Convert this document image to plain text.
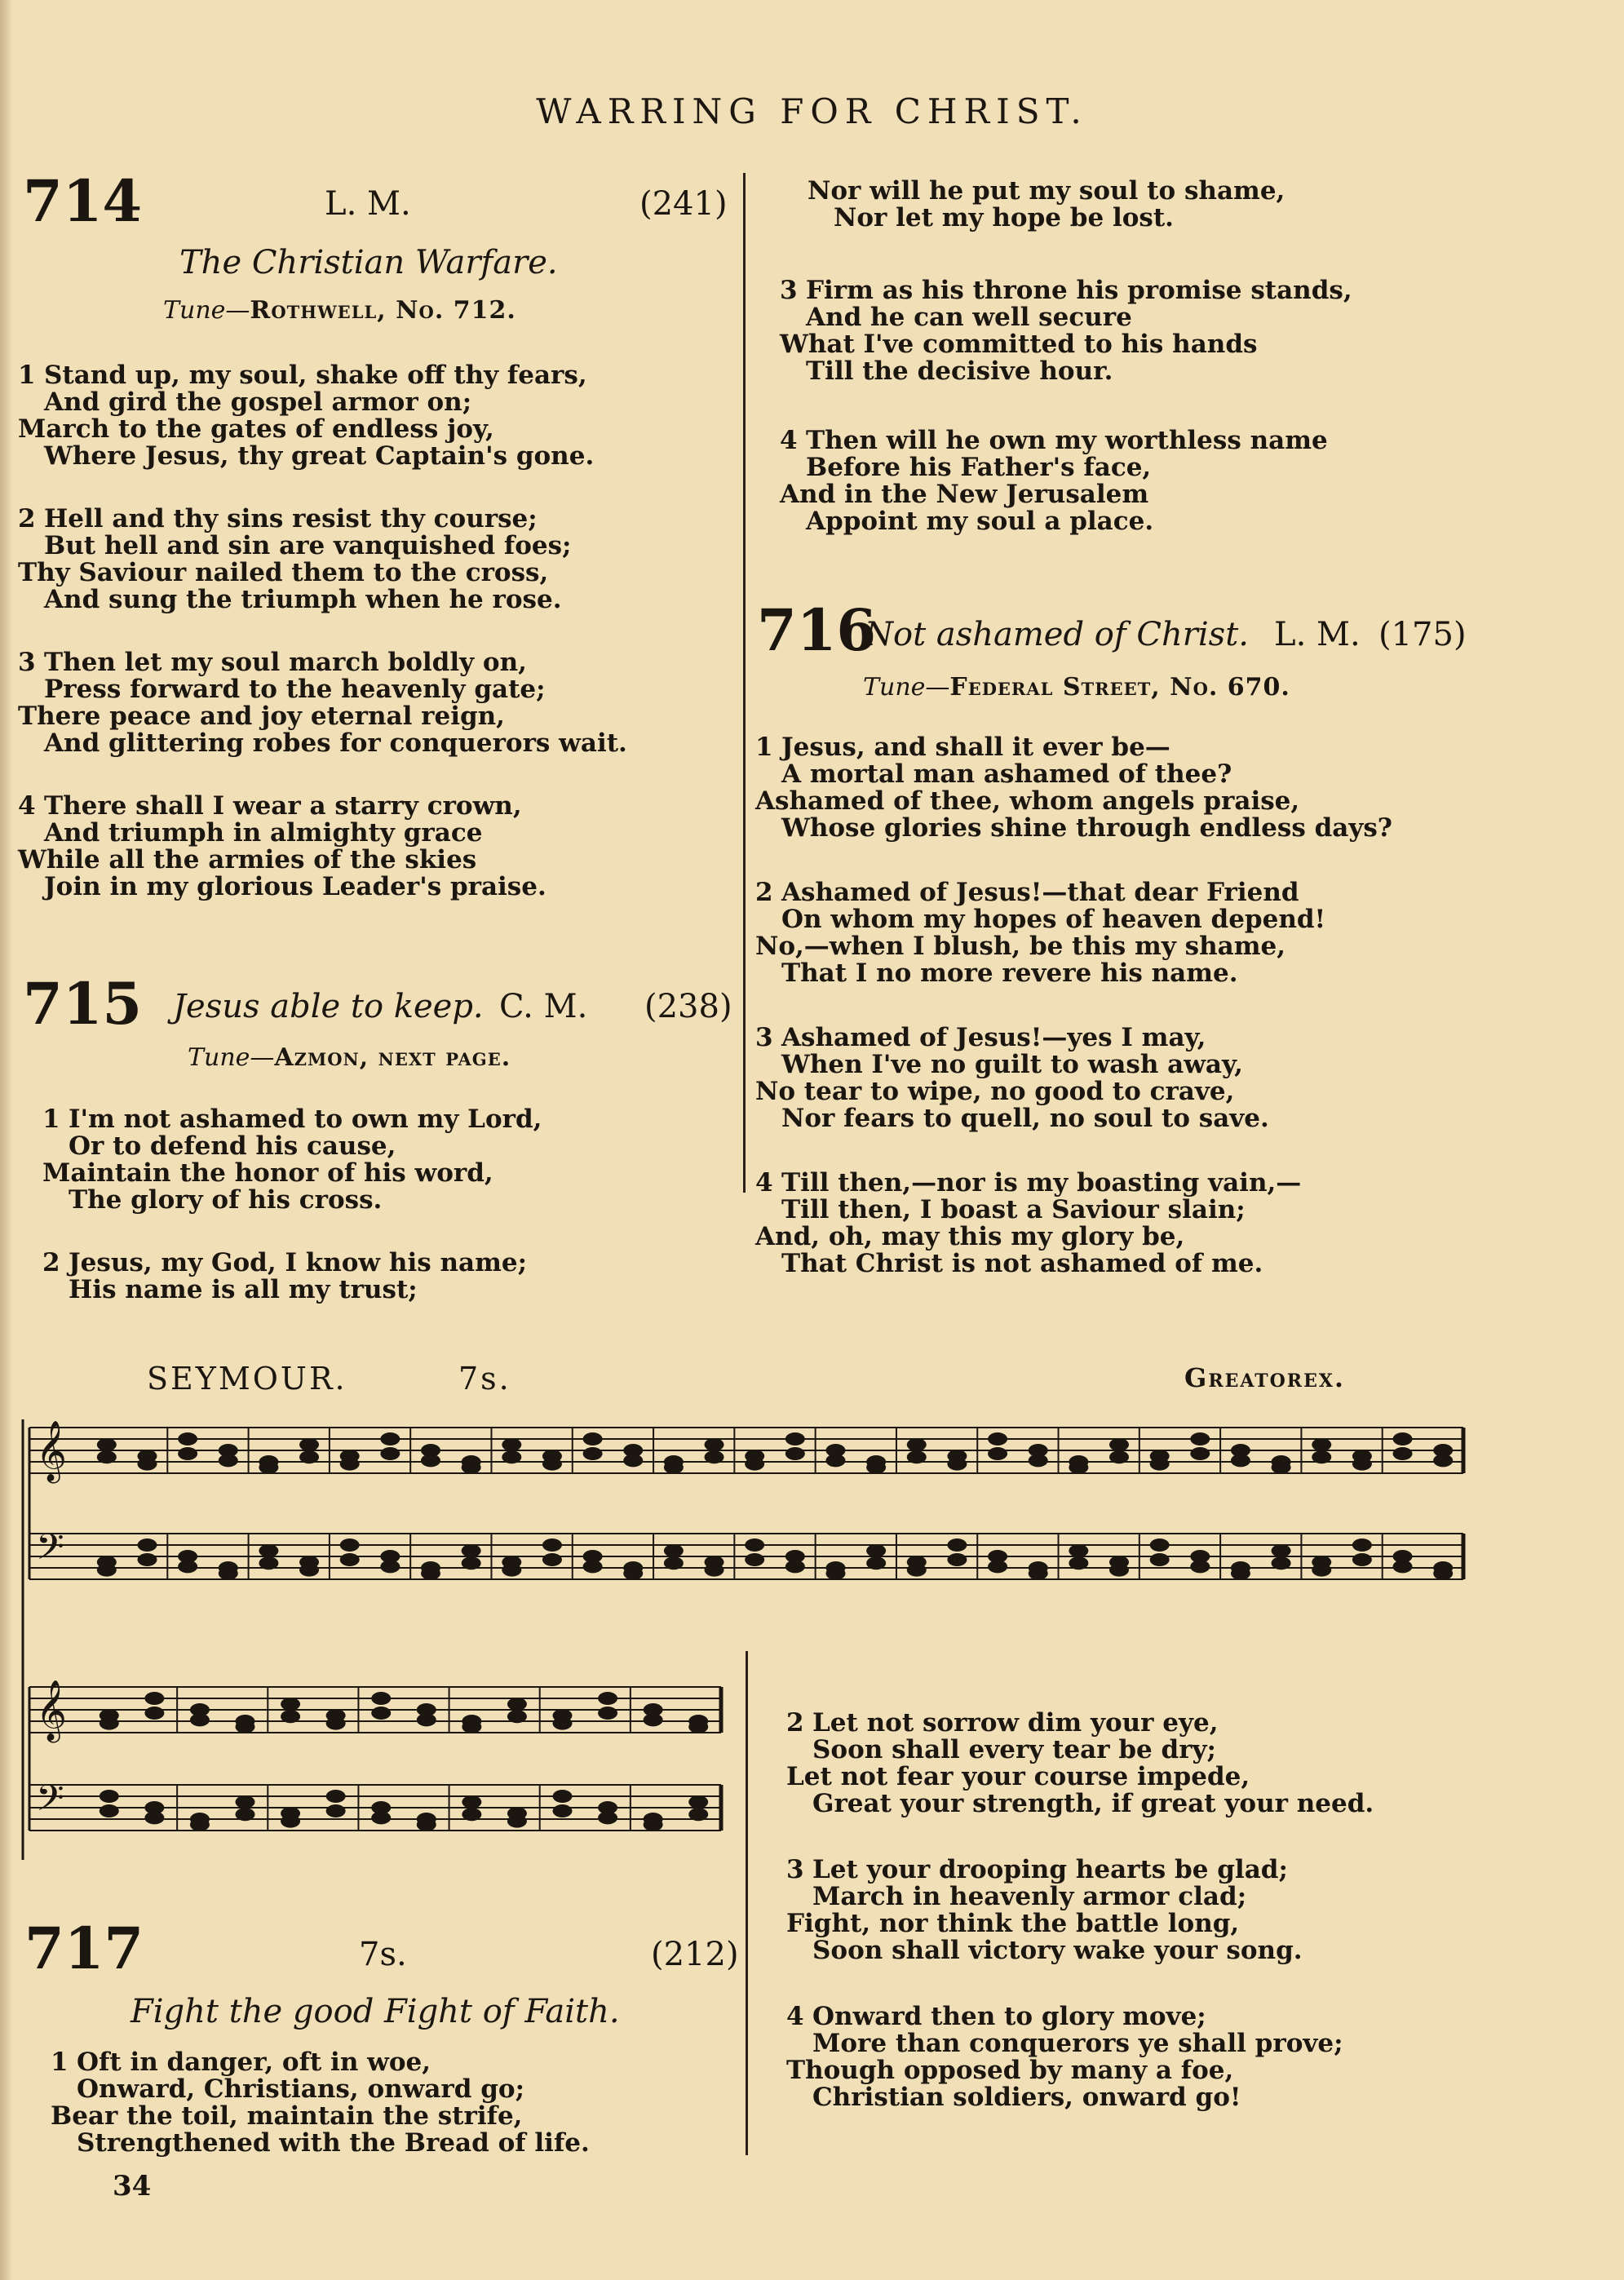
WARRING FOR CHRIST.
714	L. M.	(241)
The Christian Warfare.
Tune—Rothwell, No. 712.
1 Stand up, my soul, shake off thy fears,
And gird the gospel armor on;
March to the gates of endless joy,
Where Jesus, thy great Captain's gone.
2 Hell and thy sins resist thy course;
But hell and sin are vanquished foes;
Thy Saviour nailed them to the cross,
And sung the triumph when he rose.
3 Then let my soul march boldly on,
Press forward to the heavenly gate;
There peace and joy eternal reign,
And glittering robes for conquerors wait.
4 There shall I wear a starry crown,
And triumph in almighty grace
While all the armies of the skies
Join in my glorious Leader's praise.
715 Jesus able to keep. C. M. (238)
Tune—Azmon, next page.
1 I'm not ashamed to own my Lord,
Or to defend his cause,
Maintain the honor of his word,
The glory of his cross.
2 Jesus, my God, I know his name;
His name is all my trust;
Nor will he put my soul to shame,
Nor let my hope be lost.
3 Firm as his throne his promise stands,
And he can well secure
What I've committed to his hands
Till the decisive hour.
4 Then will he own my worthless name
Before his Father's face,
And in the New Jerusalem
Appoint my soul a place.
716
Not ashamed of Christ. L. M. (175)
Tune—Federal Street, No. 670.
1 Jesus, and shall it ever be—
A mortal man ashamed of thee?
Ashamed of thee, whom angels praise,
Whose glories shine through endless days?
2 Ashamed of Jesus!—that dear Friend
On whom my hopes of heaven depend!
No,—when I blush, be this my shame,
That I no more revere his name.
3 Ashamed of Jesus!—yes I may,
When I've no guilt to wash away,
No tear to wipe, no good to crave,
Nor fears to quell, no soul to save.
4 Till then,—nor is my boasting vain,—
Till then, I boast a Saviour slain;
And, oh, may this my glory be,
That Christ is not ashamed of me.
SEYMOUR.	7s.	Greatorex.
𝄞
𝄢
𝄞
𝄢
717	7s.	(212)
Fight the good Fight of Faith.
1 Oft in danger, oft in woe,
Onward, Christians, onward go;
Bear the toil, maintain the strife,
Strengthened with the Bread of life.
2 Let not sorrow dim your eye,
Soon shall every tear be dry;
Let not fear your course impede,
Great your strength, if great your need.
3 Let your drooping hearts be glad;
March in heavenly armor clad;
Fight, nor think the battle long,
Soon shall victory wake your song.
4 Onward then to glory move;
More than conquerors ye shall prove;
Though opposed by many a foe,
Christian soldiers, onward go!
34
